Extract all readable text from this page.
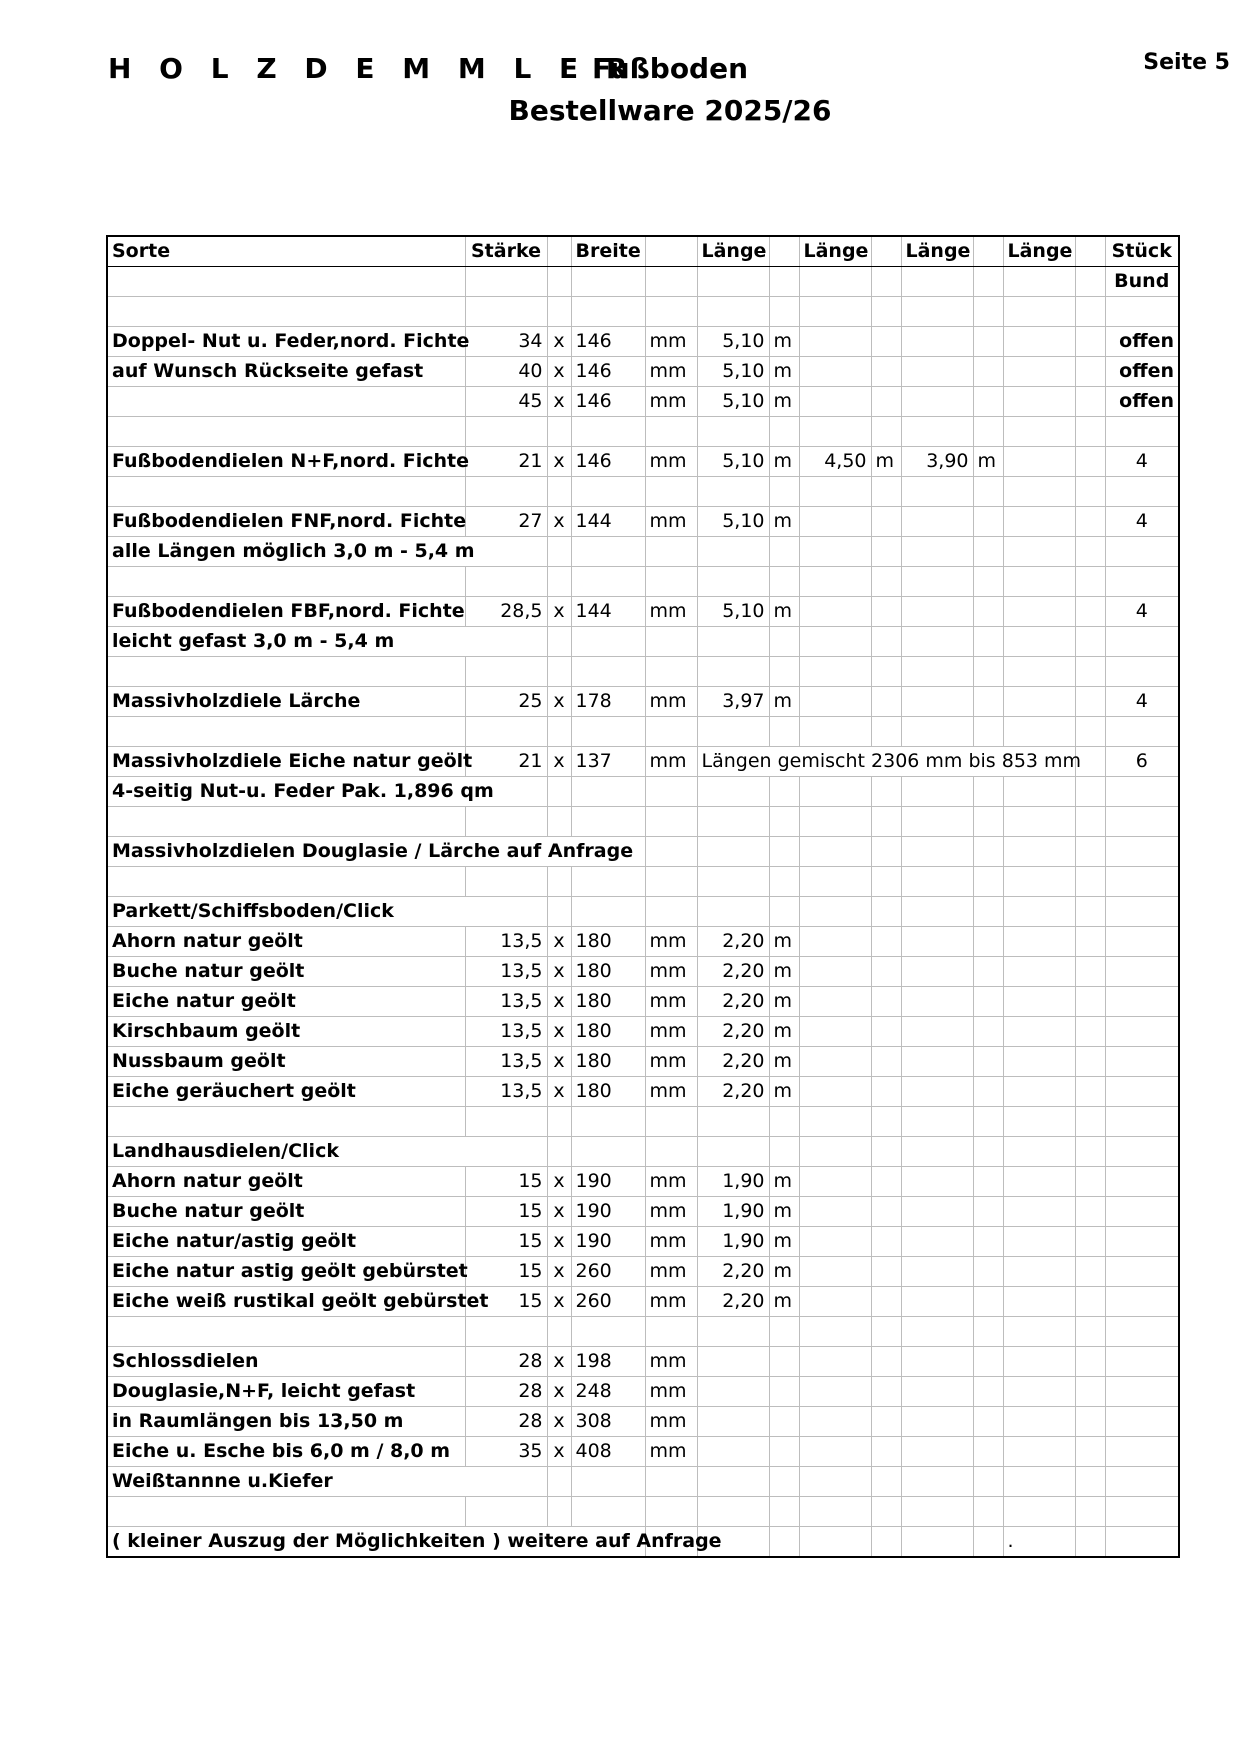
H O L Z D E M M L E R
Fußboden
Bestellware 2025/26
Seite 5
Sorte	Stärke		Breite		Länge		Länge		Länge		Länge		Stück
													Bund

Doppel- Nut u. Feder,nord. Fichte	34	x	146	mm	5,10	m							offen
auf Wunsch Rückseite gefast	40	x	146	mm	5,10	m							offen
	45	x	146	mm	5,10	m							offen

Fußbodendielen N+F,nord. Fichte	21	x	146	mm	5,10	m	4,50	m	3,90	m			4

Fußbodendielen FNF,nord. Fichte	27	x	144	mm	5,10	m							4
alle Längen möglich 3,0 m - 5,4 m													

Fußbodendielen FBF,nord. Fichte	28,5	x	144	mm	5,10	m							4
leicht gefast 3,0 m - 5,4 m													

Massivholzdiele Lärche	25	x	178	mm	3,97	m							4

Massivholzdiele Eiche natur geölt	21	x	137	mm	Längen gemischt 2306 mm bis 853 mm								6
4-seitig Nut-u. Feder Pak. 1,896 qm													

Massivholzdielen Douglasie / Lärche auf Anfrage													

Parkett/Schiffsboden/Click													
Ahorn natur geölt	13,5	x	180	mm	2,20	m							
Buche natur geölt	13,5	x	180	mm	2,20	m							
Eiche natur geölt	13,5	x	180	mm	2,20	m							
Kirschbaum geölt	13,5	x	180	mm	2,20	m							
Nussbaum geölt	13,5	x	180	mm	2,20	m							
Eiche geräuchert geölt	13,5	x	180	mm	2,20	m							

Landhausdielen/Click													
Ahorn natur geölt	15	x	190	mm	1,90	m							
Buche natur geölt	15	x	190	mm	1,90	m							
Eiche natur/astig geölt	15	x	190	mm	1,90	m							
Eiche natur astig geölt gebürstet	15	x	260	mm	2,20	m							
Eiche weiß rustikal geölt gebürstet	15	x	260	mm	2,20	m							

Schlossdielen	28	x	198	mm									
Douglasie,N+F, leicht gefast	28	x	248	mm									
in Raumlängen bis 13,50 m	28	x	308	mm									
Eiche u. Esche bis 6,0 m / 8,0 m	35	x	408	mm									
Weißtannne u.Kiefer													

( kleiner Auszug der Möglichkeiten ) weitere auf Anfrage											.		
